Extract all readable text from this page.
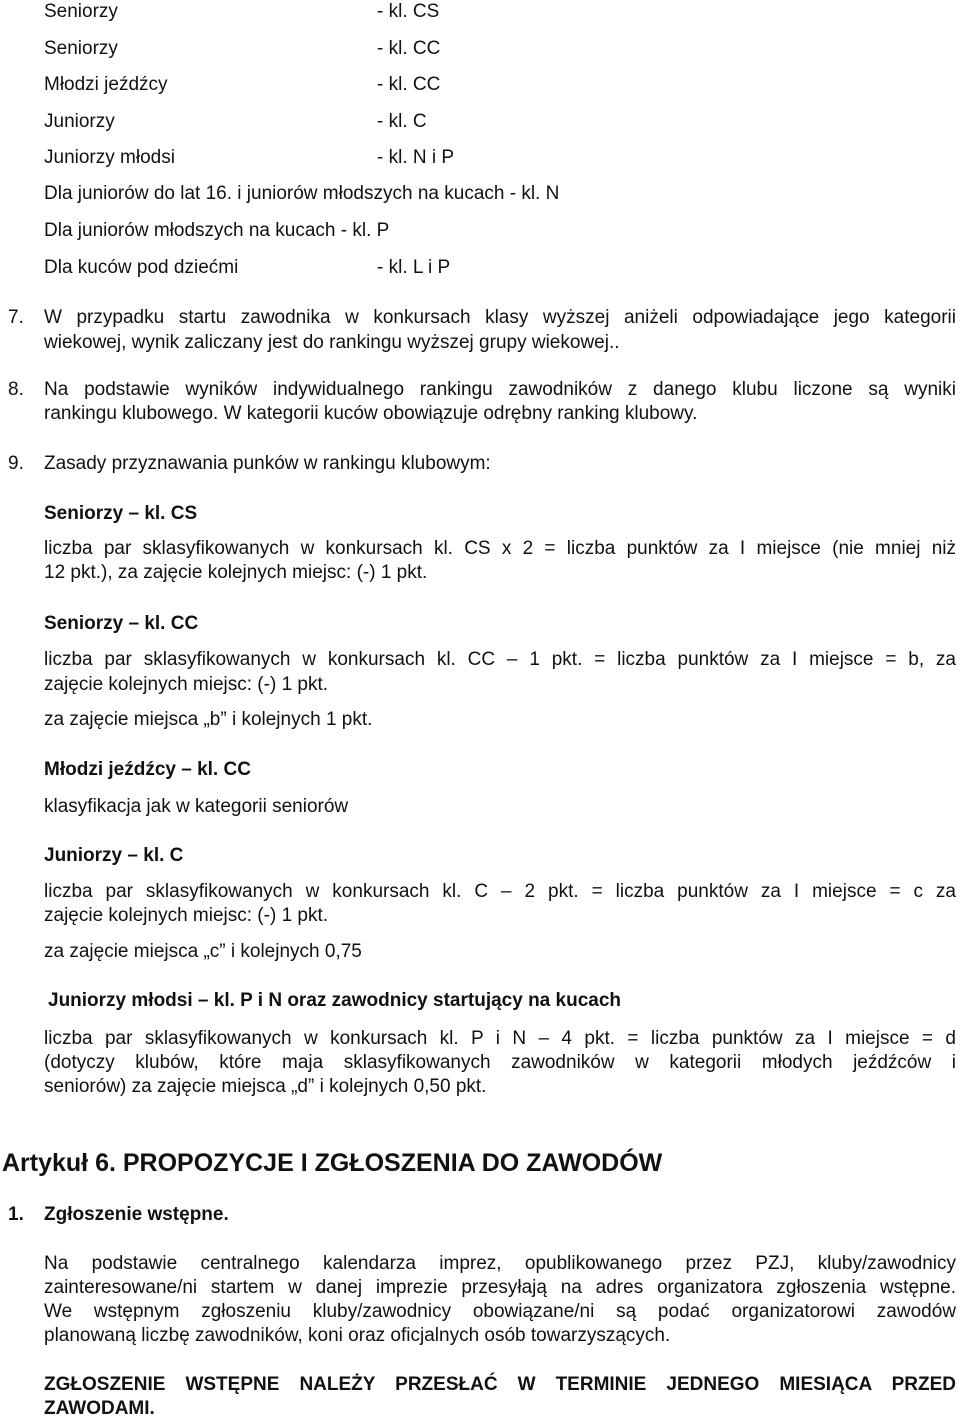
Seniorzy	- kl. CS
Seniorzy	- kl. CC
Młodzi jeźdźcy	- kl. CC
Juniorzy	- kl. C
Juniorzy młodsi	- kl. N i P
Dla juniorów do lat 16. i juniorów młodszych na kucach - kl. N
Dla juniorów młodszych na kucach - kl. P
Dla kuców pod dziećmi	- kl. L i P
7. W przypadku startu zawodnika w konkursach klasy wyższej aniżeli odpowiadające jego kategorii
wiekowej, wynik zaliczany jest do rankingu wyższej grupy wiekowej..
8. Na podstawie wyników indywidualnego rankingu zawodników z danego klubu liczone są wyniki
rankingu klubowego. W kategorii kuców obowiązuje odrębny ranking klubowy.
9. Zasady przyznawania punków w rankingu klubowym:
Seniorzy – kl. CS
liczba par sklasyfikowanych w konkursach kl. CS x 2 = liczba punktów za I miejsce (nie mniej niż
12 pkt.), za zajęcie kolejnych miejsc: (-) 1 pkt.
Seniorzy – kl. CC
liczba par sklasyfikowanych w konkursach kl. CC – 1 pkt. = liczba punktów za I miejsce = b, za
zajęcie kolejnych miejsc: (-) 1 pkt.
za zajęcie miejsca „b” i kolejnych 1 pkt.
Młodzi jeźdźcy – kl. CC
klasyfikacja jak w kategorii seniorów
Juniorzy – kl. C
liczba par sklasyfikowanych w konkursach kl. C – 2 pkt. = liczba punktów za I miejsce = c za
zajęcie kolejnych miejsc: (-) 1 pkt.
za zajęcie miejsca „c” i kolejnych 0,75
Juniorzy młodsi – kl. P i N oraz zawodnicy startujący na kucach
liczba par sklasyfikowanych w konkursach kl. P i N – 4 pkt. = liczba punktów za I miejsce = d
(dotyczy klubów, które maja sklasyfikowanych zawodników w kategorii młodych jeźdźców i
seniorów) za zajęcie miejsca „d” i kolejnych 0,50 pkt.
Artykuł 6. PROPOZYCJE I ZGŁOSZENIA DO ZAWODÓW
1. Zgłoszenie wstępne.
Na podstawie centralnego kalendarza imprez, opublikowanego przez PZJ, kluby/zawodnicy
zainteresowane/ni startem w danej imprezie przesyłają na adres organizatora zgłoszenia wstępne.
We wstępnym zgłoszeniu kluby/zawodnicy obowiązane/ni są podać organizatorowi zawodów
planowaną liczbę zawodników, koni oraz oficjalnych osób towarzyszących.
ZGŁOSZENIE WSTĘPNE NALEŻY PRZESŁAĆ W TERMINIE JEDNEGO MIESIĄCA PRZED
ZAWODAMI.
